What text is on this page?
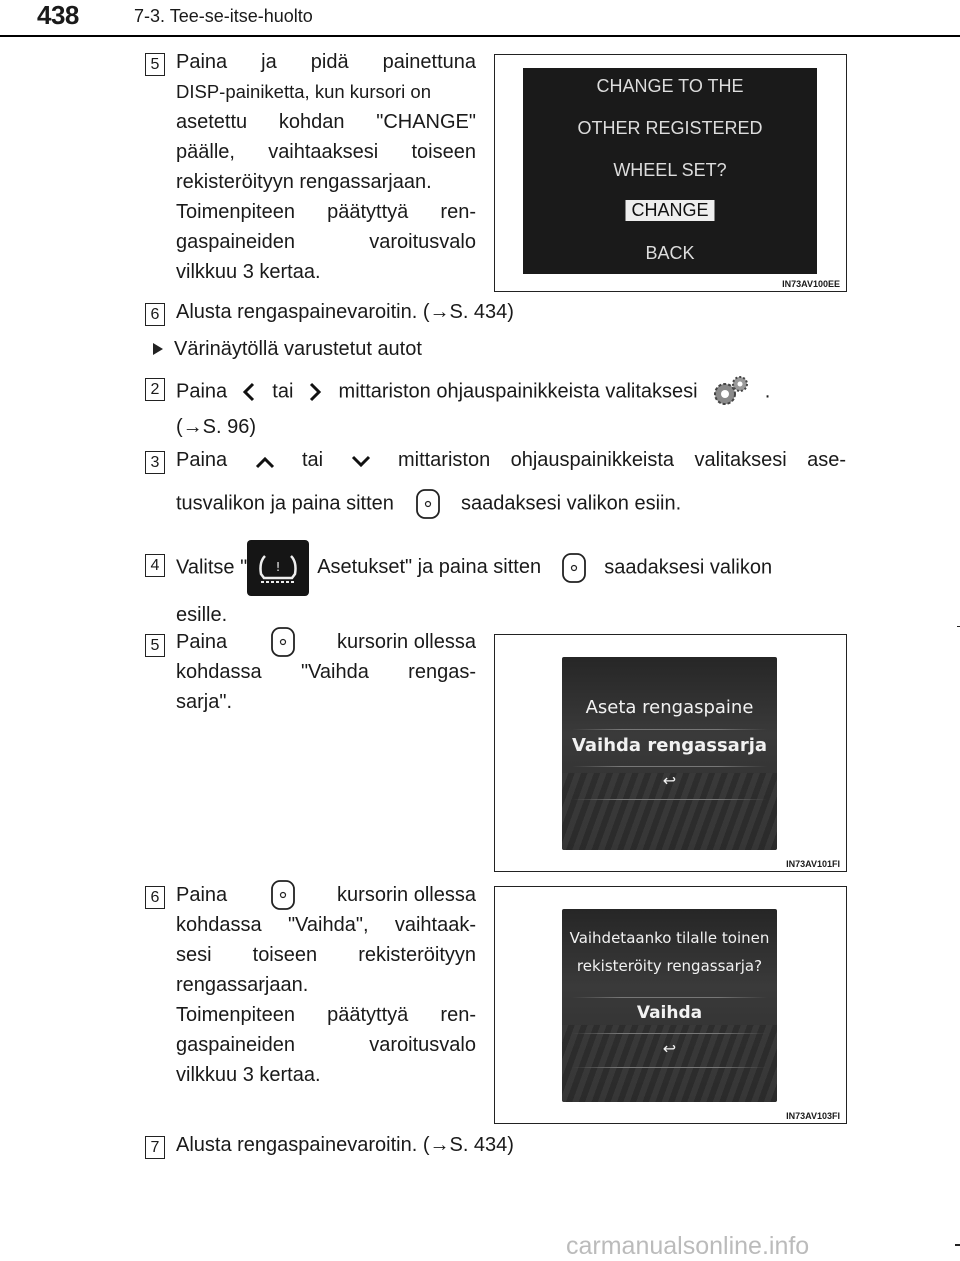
438	7-3. Tee-se-itse-huolto
5 Paina ja pidä painettuna
DISP-painiketta, kun kursori on
asetettu kohdan "CHANGE"
päälle, vaihtaaksesi toiseen
rekisteröityyn rengassarjaan.
Toimenpiteen päätyttyä ren-
gaspaineiden varoitusvalo
vilkkuu 3 kertaa.
CHANGE TO THE
OTHER REGISTERED
WHEEL SET?
CHANGE
BACK
IN73AV100EE
6 Alusta rengaspainevaroitin. (→S. 434)
Värinäytöllä varustetut autot
2 Paina tai mittariston ohjauspainikkeista valitaksesi	.
(→S. 96)
3 Paina	tai	mittariston ohjauspainikkeista valitaksesi ase-
tusvalikon ja paina sitten	saadaksesi valikon esiin.
4 Valitse " ! Asetukset" ja paina sitten	saadaksesi valikon
esille.
5 Paina	kursorin ollessa
kohdassa "Vaihda rengas-
sarja".	Aseta rengaspaine
Vaihda rengassarja
↩
IN73AV101FI
6 Paina	kursorin ollessa
kohdassa "Vaihda", vaihtaak-
sesi toiseen rekisteröityyn
rengassarjaan.
Toimenpiteen päätyttyä ren-
gaspaineiden varoitusvalo
vilkkuu 3 kertaa.
Vaihdetaanko tilalle toinen
rekisteröity rengassarja?
Vaihda
↩
IN73AV103FI
7 Alusta rengaspainevaroitin. (→S. 434)
carmanualsonline.info
